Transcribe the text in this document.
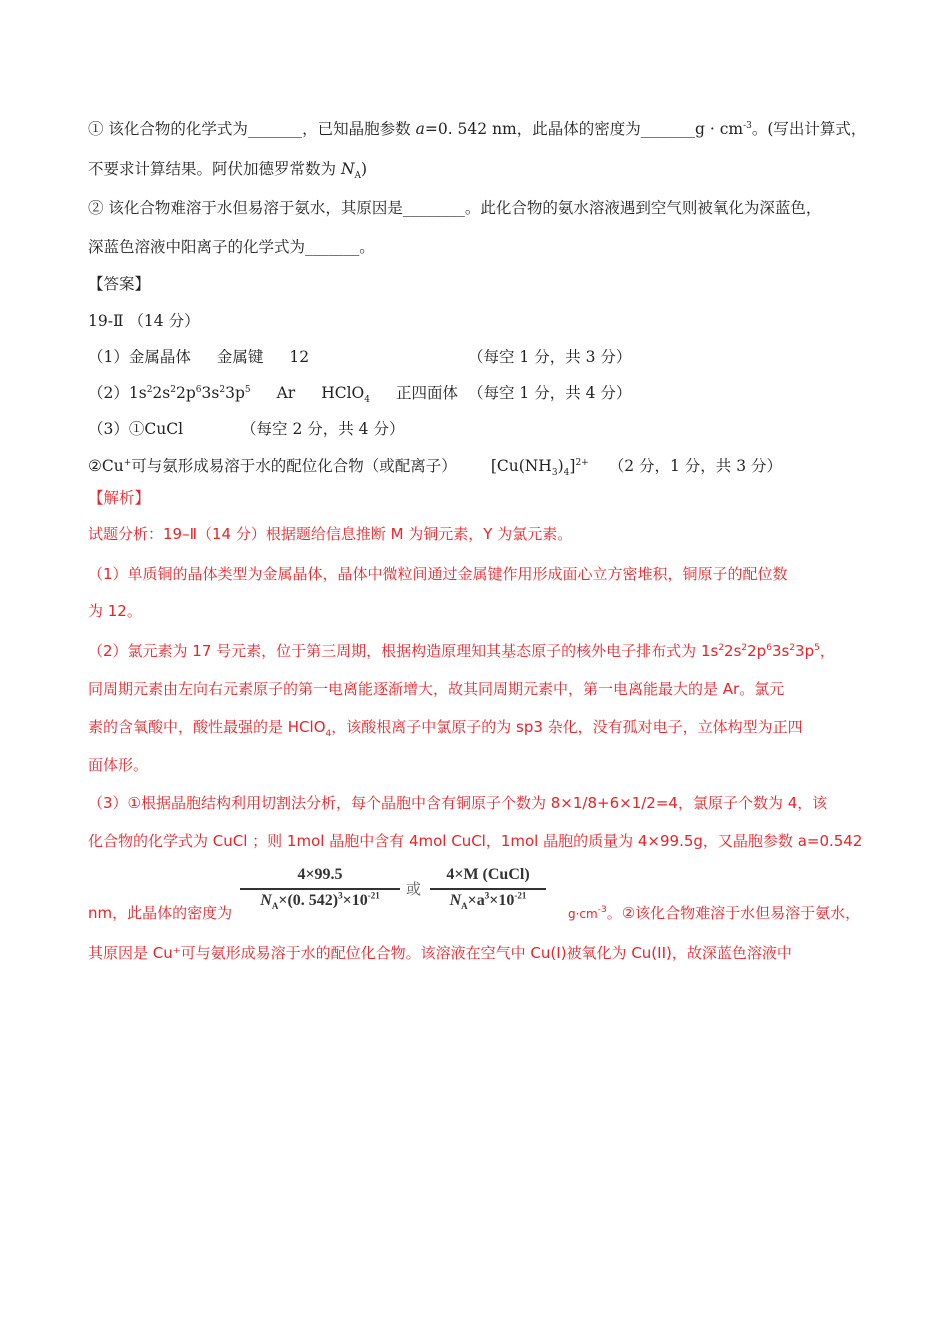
① 该化合物的化学式为_______，已知晶胞参数 a=0. 542 nm，此晶体的密度为_______g · $cm^{-3}$。(写出计算式，
不要求计算结果。阿伏加德罗常数为 $N_A$)
② 该化合物难溶于水但易溶于氨水，其原因是________。此化合物的氨水溶液遇到空气则被氧化为深蓝色，
深蓝色溶液中阳离子的化学式为_______。
【答案】
19-Ⅱ （14 分）
（1）金属晶体 金属键 12	（每空 1 分，共 3 分）
$(2)1s^22s^22p^63s^23p^5$ Ar HClO$_4$ 正四面体 （每空 1 分，共 4 分）
（3）①CuCl	（每空 2 分，共 4 分）
②Cu+可与氨形成易溶于水的配位化合物（或配离子） $[Cu(NH_3)_4]^{2+}$ （2 分，1 分，共 3 分）
【解析】
试题分析：19–Ⅱ（14 分）根据题给信息推断 M 为铜元素，Y 为氯元素。
（1）单质铜的晶体类型为金属晶体，晶体中微粒间通过金属键作用形成面心立方密堆积，铜原子的配位数
为 12。
（2）氯元素为 17 号元素，位于第三周期，根据构造原理知其基态原子的核外电子排布式为 $1s^22s^22p^63s^23p^5$，
同周期元素由左向右元素原子的第一电离能逐渐增大，故其同周期元素中，第一电离能最大的是 Ar。氯元
素的含氧酸中，酸性最强的是 HClO$_4$，该酸根离子中氯原子的为 sp3 杂化，没有孤对电子，立体构型为正四
面体形。
（3）①根据晶胞结构利用切割法分析，每个晶胞中含有铜原子个数为 8×1/8+6×1/2=4，氯原子个数为 4，该
化合物的化学式为 CuCl ；则 1mol 晶胞中含有 4mol CuCl，1mol 晶胞的质量为 4×99.5g，又晶胞参数 a=0.542
4×99.5
$N_A\times(0$. $542)^3\times 10^{-21}$	或
4×M (CuCl)
$N_A\times a^3\times 10^{-21}$
nm，此晶体的密度为	$g\cdot cm^{-3}$。②该化合物难溶于水但易溶于氨水，
其原因是 Cu⁺可与氨形成易溶于水的配位化合物。该溶液在空气中 Cu(I)被氧化为 Cu(II)，故深蓝色溶液中
